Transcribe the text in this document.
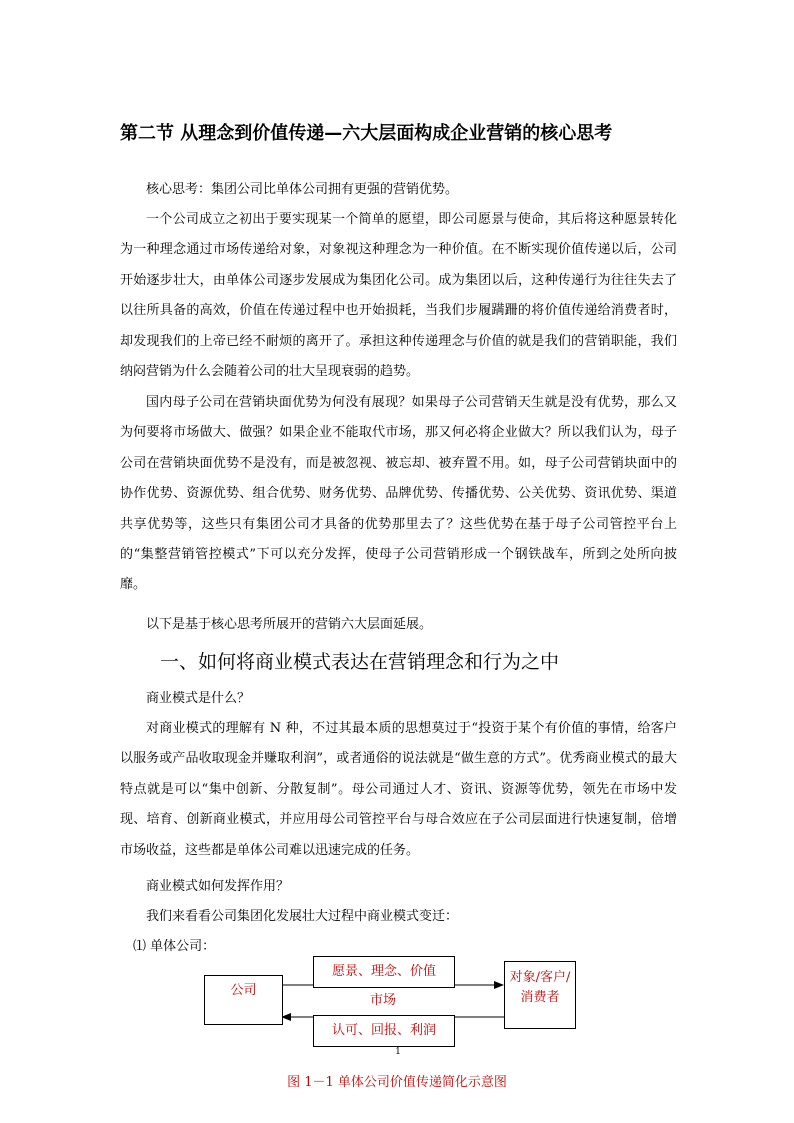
第二节 从理念到价值传递—六大层面构成企业营销的核心思考

核心思考：集团公司比单体公司拥有更强的营销优势。

一个公司成立之初出于要实现某一个简单的愿望，即公司愿景与使命，其后将这种愿景转化为一种理念通过市场传递给对象，对象视这种理念为一种价值。在不断实现价值传递以后，公司开始逐步壮大，由单体公司逐步发展成为集团化公司。成为集团以后，这种传递行为往往失去了以往所具备的高效，价值在传递过程中也开始损耗，当我们步履蹒跚的将价值传递给消费者时，却发现我们的上帝已经不耐烦的离开了。承担这种传递理念与价值的就是我们的营销职能，我们纳闷营销为什么会随着公司的壮大呈现衰弱的趋势。

国内母子公司在营销块面优势为何没有展现？如果母子公司营销天生就是没有优势，那么又为何要将市场做大、做强？如果企业不能取代市场，那又何必将企业做大？所以我们认为，母子公司在营销块面优势不是没有，而是被忽视、被忘却、被弃置不用。如，母子公司营销块面中的协作优势、资源优势、组合优势、财务优势、品牌优势、传播优势、公关优势、资讯优势、渠道共享优势等，这些只有集团公司才具备的优势那里去了？这些优势在基于母子公司管控平台上的“集整营销管控模式”下可以充分发挥，使母子公司营销形成一个钢铁战车，所到之处所向披靡。

以下是基于核心思考所展开的营销六大层面延展。

一、如何将商业模式表达在营销理念和行为之中

商业模式是什么？

对商业模式的理解有 N 种，不过其最本质的思想莫过于“投资于某个有价值的事情，给客户以服务或产品收取现金并赚取利润”，或者通俗的说法就是“做生意的方式”。优秀商业模式的最大特点就是可以“集中创新、分散复制”。母公司通过人才、资讯、资源等优势，领先在市场中发现、培育、创新商业模式，并应用母公司管控平台与母合效应在子公司层面进行快速复制，倍增市场收益，这些都是单体公司难以迅速完成的任务。

商业模式如何发挥作用？

我们来看看公司集团化发展壮大过程中商业模式变迁：

⑴ 单体公司：

公司
愿景、理念、价值
市场
认可、回报、利润
对象/客户/消费者
1
图 1－1 单体公司价值传递简化示意图
